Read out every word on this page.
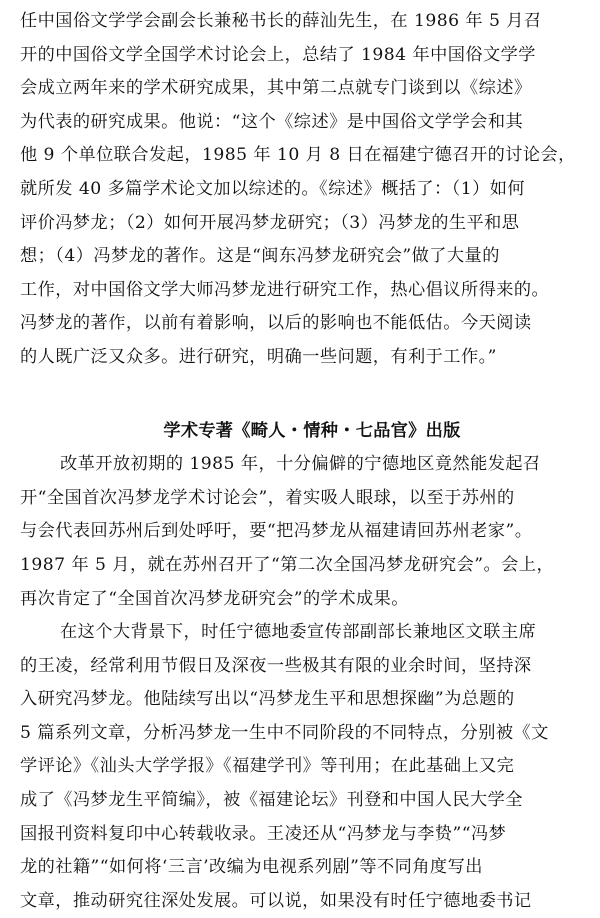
任中国俗文学学会副会长兼秘书长的薛汕先生，在 1986 年 5 月召
开的中国俗文学全国学术讨论会上，总结了 1984 年中国俗文学学
会成立两年来的学术研究成果，其中第二点就专门谈到以《综述》
为代表的研究成果。他说：“这个《综述》是中国俗文学学会和其
他 9 个单位联合发起，1985 年 10 月 8 日在福建宁德召开的讨论会，
就所发 40 多篇学术论文加以综述的。《综述》概括了：（1）如何
评价冯梦龙；（2）如何开展冯梦龙研究；（3）冯梦龙的生平和思
想；（4）冯梦龙的著作。这是“闽东冯梦龙研究会”做了大量的
工作，对中国俗文学大师冯梦龙进行研究工作，热心倡议所得来的。
冯梦龙的著作，以前有着影响，以后的影响也不能低估。今天阅读
的人既广泛又众多。进行研究，明确一些问题，有利于工作。”
学术专著《畸人・情种・七品官》出版
改革开放初期的 1985 年，十分偏僻的宁德地区竟然能发起召
开“全国首次冯梦龙学术讨论会”，着实吸人眼球，以至于苏州的
与会代表回苏州后到处呼吁，要“把冯梦龙从福建请回苏州老家”。
1987 年 5 月，就在苏州召开了“第二次全国冯梦龙研究会”。会上，
再次肯定了“全国首次冯梦龙研究会”的学术成果。
在这个大背景下，时任宁德地委宣传部副部长兼地区文联主席
的王凌，经常利用节假日及深夜一些极其有限的业余时间，坚持深
入研究冯梦龙。他陆续写出以“冯梦龙生平和思想探幽”为总题的
5 篇系列文章，分析冯梦龙一生中不同阶段的不同特点，分别被《文
学评论》《汕头大学学报》《福建学刊》等刊用；在此基础上又完
成了《冯梦龙生平简编》，被《福建论坛》刊登和中国人民大学全
国报刊资料复印中心转载收录。王凌还从“冯梦龙与李贽”“冯梦
龙的社籍”“如何将‘三言’改编为电视系列剧”等不同角度写出
文章，推动研究往深处发展。可以说，如果没有时任宁德地委书记
